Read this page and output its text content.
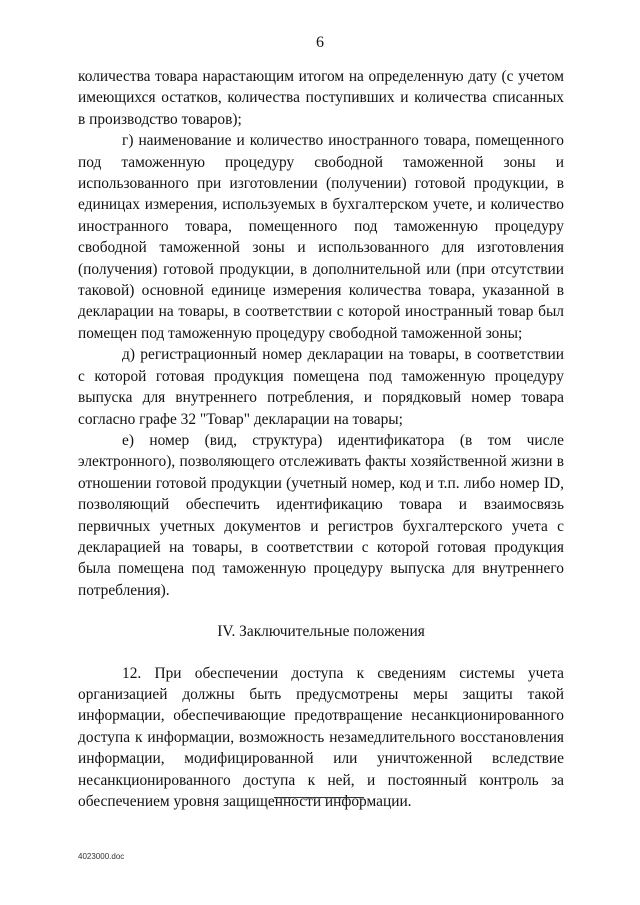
6

количества товара нарастающим итогом на определенную дату (с учетом имеющихся остатков, количества поступивших и количества списанных в производство товаров);

г) наименование и количество иностранного товара, помещенного под таможенную процедуру свободной таможенной зоны и использованного при изготовлении (получении) готовой продукции, в единицах измерения, используемых в бухгалтерском учете, и количество иностранного товара, помещенного под таможенную процедуру свободной таможенной зоны и использованного для изготовления (получения) готовой продукции, в дополнительной или (при отсутствии таковой) основной единице измерения количества товара, указанной в декларации на товары, в соответствии с которой иностранный товар был помещен под таможенную процедуру свободной таможенной зоны;

д) регистрационный номер декларации на товары, в соответствии с которой готовая продукция помещена под таможенную процедуру выпуска для внутреннего потребления, и порядковый номер товара согласно графе 32 "Товар" декларации на товары;

е) номер (вид, структура) идентификатора (в том числе электронного), позволяющего отслеживать факты хозяйственной жизни в отношении готовой продукции (учетный номер, код и т.п. либо номер ID, позволяющий обеспечить идентификацию товара и взаимосвязь первичных учетных документов и регистров бухгалтерского учета с декларацией на товары, в соответствии с которой готовая продукция была помещена под таможенную процедуру выпуска для внутреннего потребления).

IV. Заключительные положения

12. При обеспечении доступа к сведениям системы учета организацией должны быть предусмотрены меры защиты такой информации, обеспечивающие предотвращение несанкционированного доступа к информации, возможность незамедлительного восстановления информации, модифицированной или уничтоженной вследствие несанкционированного доступа к ней, и постоянный контроль за обеспечением уровня защищенности информации.

4023000.doc
